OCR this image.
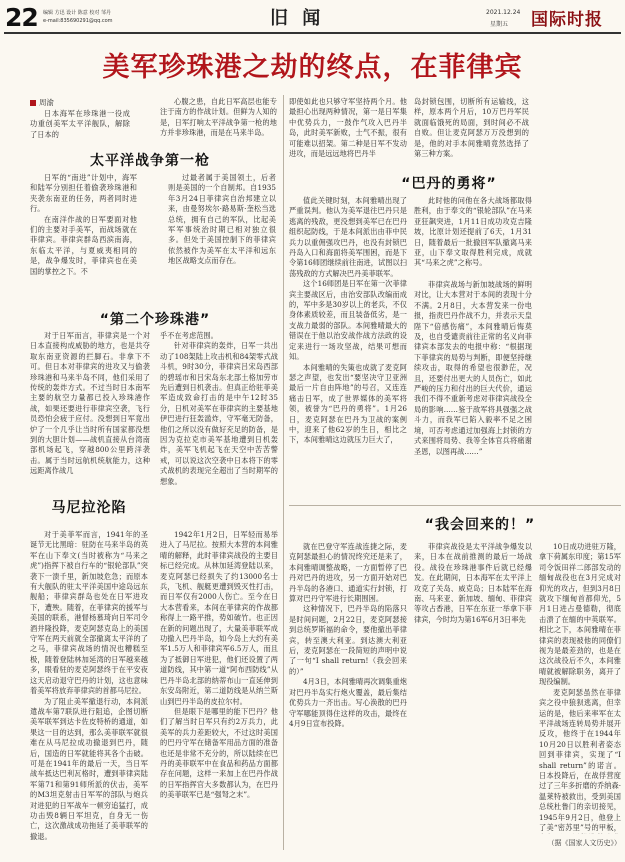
22 编辑 方迅 设计 陈意 校对 邹丹
e-mail:835690291@qq.com	旧 闻	2021.12.24
星期五 国际时报
美军珍珠港之劫的终点，在菲律宾
周渝

日本海军在珍珠港一役成功重创美军太平洋舰队，解除了日本的

太平洋战争第一枪

日军的“南进”计划中，海军和陆军分别担任着偷袭珍珠港和夹袭东南亚的任务，两者同时进行。

在南洋作战的日军要面对他们的主要对手美军，而战场就在菲律宾。菲律宾群岛西滨南海，东临太平洋，与夏威夷相同的是，战争爆发时，菲律宾也在美国的掌控之下。不

心腹之患，自此日军高层也能专注于南方的作战计划。但鲜为人知的是，日军打响太平洋战争第一枪的地方并非珍珠港，而是在马来半岛。

过最者属于美国领土，后者则是美国的一个自制邦。自1935年3月24日菲律宾自治邦建立以来，由曼努埃尔·路易斯·奎松当选总统，拥有自己的军队，比起美军军事统治时期已相对独立很多。但处于美国控制下的菲律宾依然被作为美军在太平洋和远东地区战略支点而存在。

“第二个珍珠港”

对于日军而言，菲律宾是一个对日本直接构成威胁的地方，也是共夺取东南亚资源的拦脚石。非拿下不可。但日本对菲律宾的进攻又与偷袭珍珠港和马来半岛不同，他们采用了传统的轰炸方式。不过当时日本南军主要的航空力量都已投入珍珠港作战，如果还要进行菲律宾空袭，飞行员恐怕会疲于应付。没想到日军竟出炉了一个几乎让当时所有国家都没想到的大胆计划——战机直接从台湾南部机场起飞，穿越800公里跨洋袭击。属于当时远航机统航能力，这种远距离作战几

乎不在考虑范围。

针对菲律宾的轰炸，日军一共出动了108架陆上攻击机和84架零式战斗机，9时30分，菲律宾吕宋岛西部的碧瑶市和吕宋岛东北部土格加劳市先后遭到日机袭击。但真正给驻菲美军造成致命打击的是中午12时35分，日机对美军在菲律宾的主要基地伊巴进行狂轰滥炸，守军毫无防备，他们之所以没有做好充足的防备，是因为克拉克市美军基地遭到日机轰炸，美军飞机起飞在天空中苦苦警戒，可以说这次空袭中日本将下的零式战机的表现完全超出了当时期军的想象。

马尼拉沦陷

对于美菲军而言，1941年的圣诞节无比黑暗：驻防在马来半岛的英军在山下奉文(当时被称为“马来之虎”)指挥下被自行车的“银轮部队”突袭下一溃千里，新加坡危急；而原本有大舰队的驻太平洋美国中途岛远东舰船；菲律宾群岛也处在日军进攻下，遭殃。随着，在菲律宾的援军与美国的联系，港督杨慕琦向日军司令酒井隆投降，麦克阿瑟克岛上的美国守军在两天前就全部撤离太平洋的了之马，菲律宾战场的情况也糟糕至极，随着登陆林加延湾的日军越来越多，眼看驻的麦克阿瑟终于在平安夜这天启动退守巴丹的计划，这也意味着美军将放弃菲律宾的首都马尼拉。

为了阻止美军撤退行动，本间派遣战车第7联队进行阻追，企图切断美军联军到达卡佐皮特桥的通道，如果这一目的达到，那么美菲联军就很难在从马尼拉成功撤退到巴丹，随后，国造的日军就能将其各个击破。可是在1941年的最后一天，当日军战车抵达巴利瓦格时，遭到菲律宾陆军第71和第91师所派的伏击，美军的M3坦克射击日军军的部队与炮兵对进犯的日军战车一顿穷追猛打，成功击毁8辆日军坦克，自身无一伤亡，这次激战成功拖延了美菲联军的撤退。

1942年1月2日，日军轻而易举进入了马尼拉。按照大本营的本间雅晴的解释，此时菲律宾战役的主要目标已经完成。从林加延湾登陆以来，麦克阿瑟已经损失了约13000名士兵，飞机、舰艇更遭到毁灭性打击，而日军仅有2000人伤亡。至今在日大本营看来，本间在菲律宾的作战都称得上一路平推，势如破竹。也正因在新的问题出现了，大量美菲联军成功撤入巴丹半岛，如今岛上大约有美军1.5万人和菲律宾军6.5万人，而且为了抵御日军进犯，他们还设置了两道防线，其中第一道“阿布西防线”从巴丹半岛北部的纳蒂布山一直延伸到东安岛附近，第二道防线是从纳兰斯山到巴丹半岛的皮拉尔村。

但是眼下是哪里的能下巴丹？他们了解当时日军只有约2万兵力，此美军的兵力差距较大，不过这时美国的巴丹守军在储备军用品方面的准备也还是非常不充分的，所以陆续在巴丹的美菲联军中在食品和药品方面都存在问题，这样一来加上在巴丹作战的日军指挥官大多数都认为，在巴丹的美菲联军已是“强弩之末”。

即使如此也只够守军坚持两个月。他最担心出现两种情况，第一是日军集中优势兵力，一鼓作气攻入巴丹半岛，此时美军新败，士气不振，很有可能难以招架。第二种是日军不发动进攻，而是远远地将巴丹半

岛封锁包围，切断所有运输线，这样，原本两个月后，10万巴丹军民就面临饿死的局面，到时间必不战自败。但让麦克阿瑟万万没想到的是，他的对手本间雅晴竟然选择了第三种方案。

“巴丹的勇将”

值此关键时刻，本间雅晴出现了严重误判。他认为美军退往巴丹只是逃离的残敌，更没想到美军已在巴丹组织起防线，于是本间派出由菲中民兵力以重佣强攻巴丹，也没有封锁巴丹岛入口和海面将美军围困，而是下令第16师团继续前往南进，试图以扫荡残敌的方式解决巴丹美菲联军。

这个16师团是日军在第一次菲律宾主要战区后，由治安部队改编而成的，军中多是30岁以上的老兵，不仅身体素质较差，而且装备低劣，是一支战力最弱的部队。本间雅晴最大的错误在于他以治安战作战方法政的设定来进行一场攻坚战，结果可想而知。

本间雅晴的失策也成就了麦克阿瑟之声望，也发出“要坚决守卫亚洲最后一片自由阵地”的号召，又连连痛击日军，成了世界媒体的美军将领，被誉为“巴丹的勇将”。1月26日，麦克阿瑟在巴丹为卫战的案例中，迎来了他62岁的生日，相比之下，本间雅晴这边就压力巨大了，

此时他的问他在各大战场都取得胜利，由于奉文的“银轮部队”在马来亚狂飙突进，1月11日成功攻克吉隆坡，比原计划还提前了6天，1月31日，随着最后一批撤回军队撤离马来亚，山下奉文取得胜利完成，成就其“马来之虎”之称号。

“我会回来的！”

就在巴登守军连战连捷之际，麦克阿瑟最担心的情况终究还是来了，本间雅晴调整战略，一方面暂停了巴丹对巴丹的进攻，另一方面开始对巴丹半岛的各港口、通道实行封锁，打算对巴丹守军进行长期围困。

这种情况下，巴丹半岛的陷落只是时间问题，2月22日，麦克阿瑟接到总统罗斯福的命令，要他撤出菲律宾，转至澳大利亚。到达澳大利亚后，麦克阿瑟在一段简短的声明中说了一句“I shall return!（我会回来的）”

4月3日，本间雅晴再次调集重炮对巴丹半岛实行炮火覆盖，最后集结优势兵力一齐出击。写心涣散的巴丹守军哪能顶得住这样的攻击，最终在4月9日宣布投降。

菲律宾战场与新加坡战场的鲜明对比，让大本营对于本间的表现十分不满。2月8日，大本营发来一份电报，指责巴丹作战不力，并表示天皇陛下“倍感伤痛”，本间雅晴后悔莫及，也自受谴责前往正常的名义向菲律宾本部发去的电报中称：“根据现下菲律宾的局势与判断，即便坚持继续攻击，取得的希望也很渺茫，况且，还要付出更大的人员伤亡，如此严峻的压力和付出的巨大代价，通运我们不得不重新考虑对菲律宾战役全局的影响……鉴于敌军将具强强之战斗力，而我军已陷入毅率不足之困境，可否考虑通过加强海上封锁的方式来围将局势、我等全体官兵将痛谢圣恩，以图再战……”

菲律宾战役是太平洋战争爆发以来，日本在战前推测的最后一场战役。战役在珍珠港事件后就已经爆发。在此期间，日本海军在太平洋上攻克了关岛、威克岛；日本陆军在海南、马来亚、新加坡、缅甸、菲律宾等攻占香港，日军在东亚一举拿下菲律宾，今时均为第16军6月3日率先

10日成功进驻万隆，拿下荷属东印度；第15军司令饭田祥二郎部发动的缅甸战役也在3月完成对仰光的攻占，但到3月8日就攻下缅甸首都仰光，5月1日进占曼德勒，彻底击溃了在缅的中英联军。相比之下，本间雅晴在菲律宾的表现被他的同僚们视为是最差劲的，也是在这次战役后不久，本间雅晴就被解除职务，离开了现役编制。

麦克阿瑟虽然在菲律宾之役中狼狈逃离，但幸运的是，他后来率军在太平洋战场连转局势并展开反攻，他终于在1944年10月20日以胜利者姿态回到菲律宾，实现了“I shall return”的诺言。日本投降后，在战俘营度过了三年多折磨的乔纳森·温莱特被救出，受到美国总统杜鲁门的亲切接见，1945年9月2日，他登上了美“密苏里”号的甲板，

（据《国家人文历史》）
